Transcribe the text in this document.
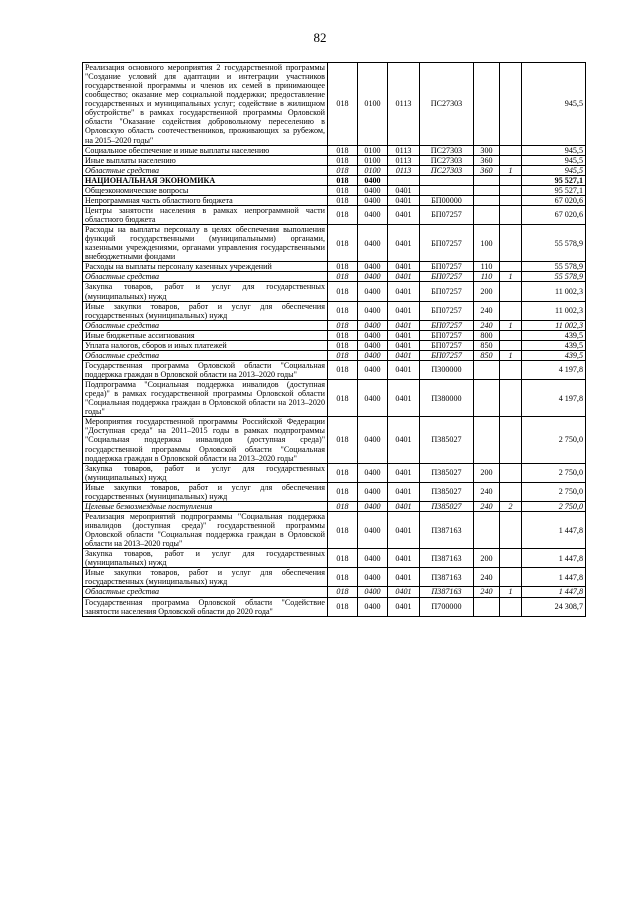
82
Реализация основного мероприятия 2 государственной программы "Создание условий для адаптации и интеграции участников государственной программы и членов их семей в принимающее сообщество; оказание мер социальной поддержки; предоставление государственных и муниципальных услуг; содействие в жилищном обустройстве" в рамках государственной программы Орловской области "Оказание содействия добровольному переселению в Орловскую область соотечественников, проживающих за рубежом, на 2015–2020 годы"	018	0100	0113	ПС27303			945,5
Социальное обеспечение и иные выплаты населению	018	0100	0113	ПС27303	300		945,5
Иные выплаты населению	018	0100	0113	ПС27303	360		945,5
Областные средства	018	0100	0113	ПС27303	360	1	945,5
НАЦИОНАЛЬНАЯ ЭКОНОМИКА	018	0400					95 527,1
Общеэкономические вопросы	018	0400	0401				95 527,1
Непрограммная часть областного бюджета	018	0400	0401	БП00000			67 020,6
Центры занятости населения в рамках непрограммной части областного бюджета	018	0400	0401	БП07257			67 020,6
Расходы на выплаты персоналу в целях обеспечения выполнения функций государственными (муниципальными) органами, казенными учреждениями, органами управления государственными внебюджетными фондами	018	0400	0401	БП07257	100		55 578,9
Расходы на выплаты персоналу казенных учреждений	018	0400	0401	БП07257	110		55 578,9
Областные средства	018	0400	0401	БП07257	110	1	55 578,9
Закупка товаров, работ и услуг для государственных (муниципальных) нужд	018	0400	0401	БП07257	200		11 002,3
Иные закупки товаров, работ и услуг для обеспечения государственных (муниципальных) нужд	018	0400	0401	БП07257	240		11 002,3
Областные средства	018	0400	0401	БП07257	240	1	11 002,3
Иные бюджетные ассигнования	018	0400	0401	БП07257	800		439,5
Уплата налогов, сборов и иных платежей	018	0400	0401	БП07257	850		439,5
Областные средства	018	0400	0401	БП07257	850	1	439,5
Государственная программа Орловской области "Социальная поддержка граждан в Орловской области на 2013–2020 годы"	018	0400	0401	П300000			4 197,8
Подпрограмма "Социальная поддержка инвалидов (доступная среда)" в рамках государственной программы Орловской области "Социальная поддержка граждан в Орловской области на 2013–2020 годы"	018	0400	0401	П380000			4 197,8
Мероприятия государственной программы Российской Федерации "Доступная среда" на 2011–2015 годы в рамках подпрограммы "Социальная поддержка инвалидов (доступная среда)" государственной программы Орловской области "Социальная поддержка граждан в Орловской области на 2013–2020 годы"	018	0400	0401	П385027			2 750,0
Закупка товаров, работ и услуг для государственных (муниципальных) нужд	018	0400	0401	П385027	200		2 750,0
Иные закупки товаров, работ и услуг для обеспечения государственных (муниципальных) нужд	018	0400	0401	П385027	240		2 750,0
Целевые безвозмездные поступления	018	0400	0401	П385027	240	2	2 750,0
Реализация мероприятий подпрограммы "Социальная поддержка инвалидов (доступная среда)" государственной программы Орловской области "Социальная поддержка граждан в Орловской области на 2013–2020 годы"	018	0400	0401	П387163			1 447,8
Закупка товаров, работ и услуг для государственных (муниципальных) нужд	018	0400	0401	П387163	200		1 447,8
Иные закупки товаров, работ и услуг для обеспечения государственных (муниципальных) нужд	018	0400	0401	П387163	240		1 447,8
Областные средства	018	0400	0401	П387163	240	1	1 447,8
Государственная программа Орловской области "Содействие занятости населения Орловской области до 2020 года"	018	0400	0401	П700000			24 308,7
